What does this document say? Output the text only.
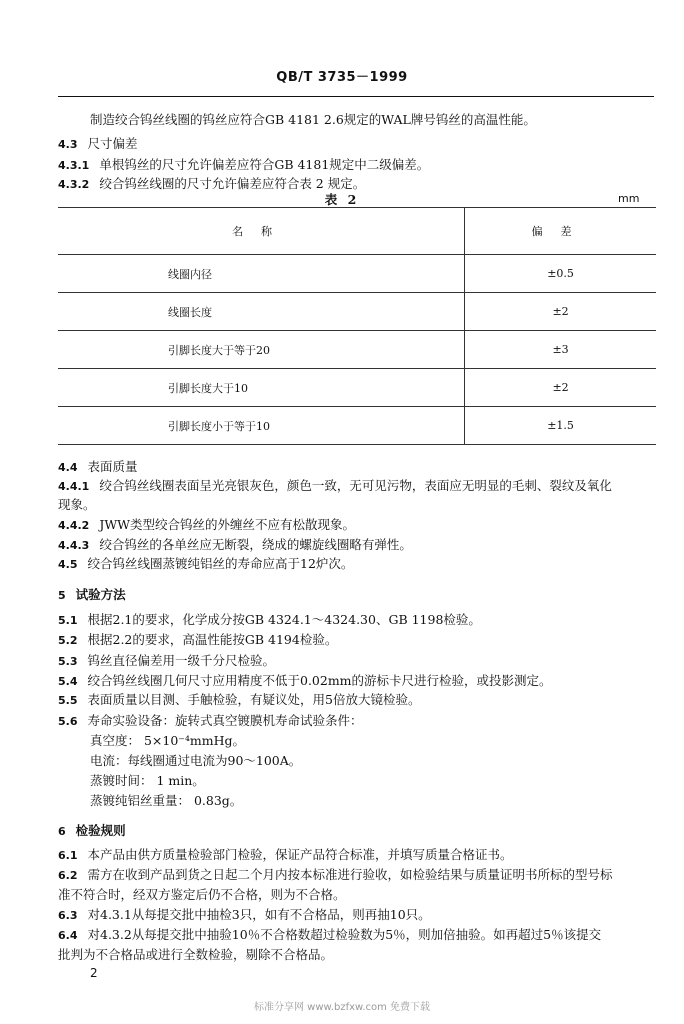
QB/T 3735－1999
制造绞合钨丝线圈的钨丝应符合GB 4181 2.6规定的WAL牌号钨丝的高温性能。
4.3 尺寸偏差
4.3.1 单根钨丝的尺寸允许偏差应符合GB 4181规定中二级偏差。
4.3.2 绞合钨丝线圈的尺寸允许偏差应符合表 2 规定。
表 2	mm
名称	偏差
线圈内径	±0.5
线圈长度	±2
引脚长度大于等于20	±3
引脚长度大于10	±2
引脚长度小于等于10	±1.5
4.4 表面质量
4.4.1 绞合钨丝线圈表面呈光亮银灰色，颜色一致，无可见污物，表面应无明显的毛刺、裂纹及氧化
现象。
4.4.2 JWW类型绞合钨丝的外缠丝不应有松散现象。
4.4.3 绞合钨丝的各单丝应无断裂，绕成的螺旋线圈略有弹性。
4.5 绞合钨丝线圈蒸镀纯铝丝的寿命应高于12炉次。
5 试验方法
5.1 根据2.1的要求，化学成分按GB 4324.1～4324.30、GB 1198检验。
5.2 根据2.2的要求，高温性能按GB 4194检验。
5.3 钨丝直径偏差用一级千分尺检验。
5.4 绞合钨丝线圈几何尺寸应用精度不低于0.02mm的游标卡尺进行检验，或投影测定。
5.5 表面质量以目测、手触检验，有疑议处，用5倍放大镜检验。
5.6 寿命实验设备：旋转式真空镀膜机寿命试验条件：
真空度： 5×10⁻⁴mmHg。
电流：每线圈通过电流为90～100A。
蒸镀时间： 1 min。
蒸镀纯铝丝重量： 0.83g。
6 检验规则
6.1 本产品由供方质量检验部门检验，保证产品符合标准，并填写质量合格证书。
6.2 需方在收到产品到货之日起二个月内按本标准进行验收，如检验结果与质量证明书所标的型号标
准不符合时，经双方鉴定后仍不合格，则为不合格。
6.3 对4.3.1从每提交批中抽检3只，如有不合格品，则再抽10只。
6.4 对4.3.2从每提交批中抽验10％不合格数超过检验数为5％，则加倍抽验。如再超过5％该提交
批判为不合格品或进行全数检验，剔除不合格品。
2
标准分享网 www.bzfxw.com 免费下载
